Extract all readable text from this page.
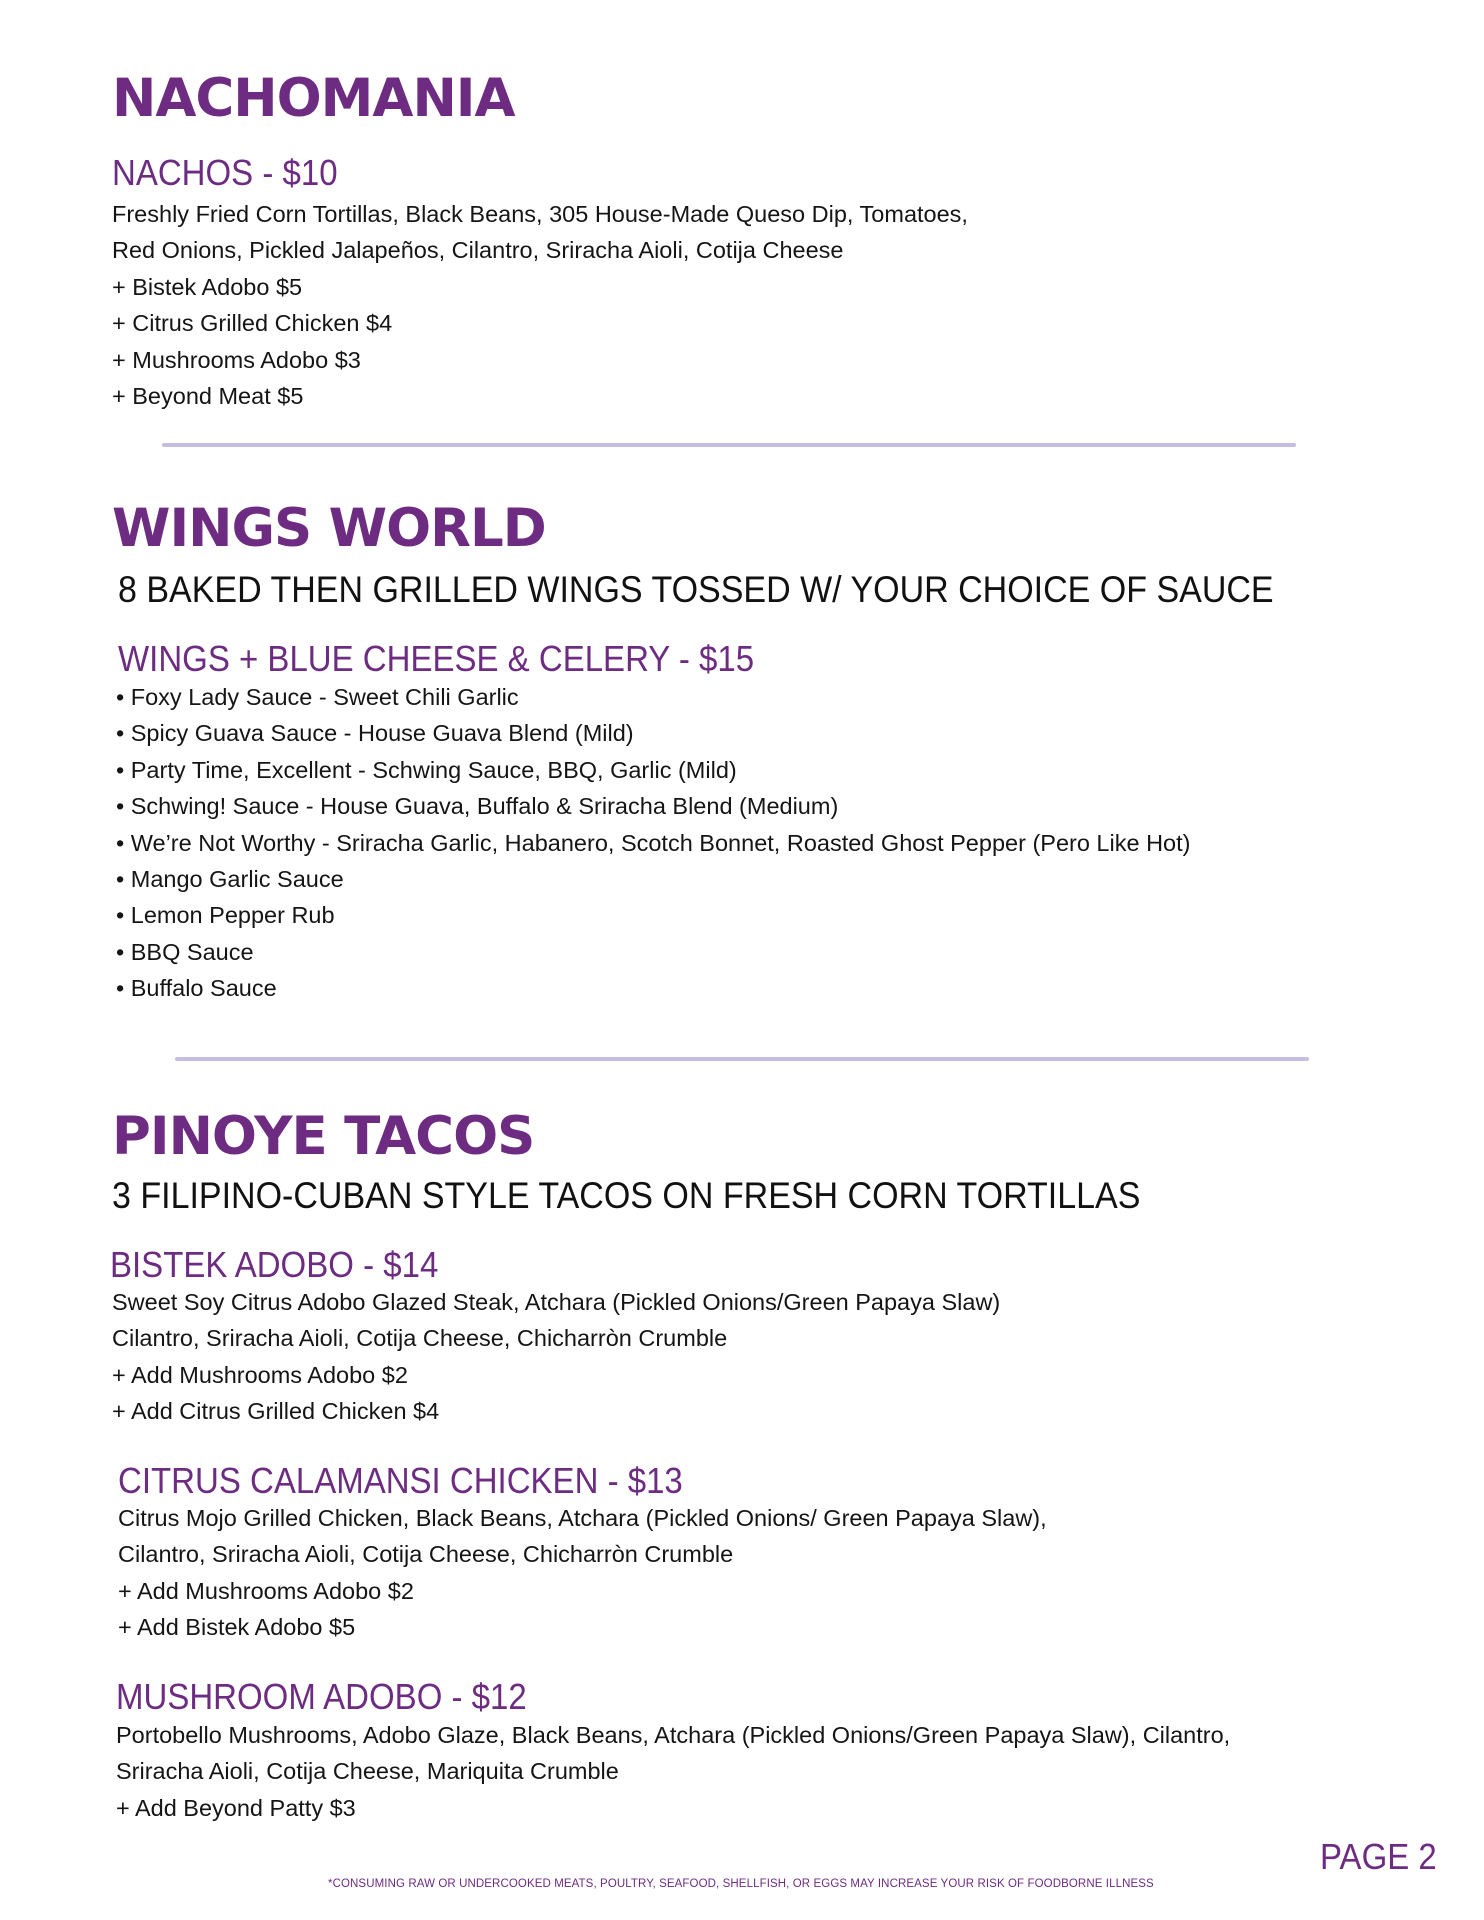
NACHOMANIA
NACHOS - $10
Freshly Fried Corn Tortillas, Black Beans, 305 House-Made Queso Dip, Tomatoes,
Red Onions, Pickled Jalapeños, Cilantro, Sriracha Aioli, Cotija Cheese
+ Bistek Adobo $5
+ Citrus Grilled Chicken $4
+ Mushrooms Adobo $3
+ Beyond Meat $5
WINGS WORLD
8 BAKED THEN GRILLED WINGS TOSSED W/ YOUR CHOICE OF SAUCE
WINGS + BLUE CHEESE & CELERY - $15
• Foxy Lady Sauce - Sweet Chili Garlic
• Spicy Guava Sauce - House Guava Blend (Mild)
• Party Time, Excellent - Schwing Sauce, BBQ, Garlic (Mild)
• Schwing! Sauce - House Guava, Buffalo & Sriracha Blend (Medium)
• We’re Not Worthy - Sriracha Garlic, Habanero, Scotch Bonnet, Roasted Ghost Pepper (Pero Like Hot)
• Mango Garlic Sauce
• Lemon Pepper Rub
• BBQ Sauce
• Buffalo Sauce
PINOYE TACOS
3 FILIPINO-CUBAN STYLE TACOS ON FRESH CORN TORTILLAS
BISTEK ADOBO - $14
Sweet Soy Citrus Adobo Glazed Steak, Atchara (Pickled Onions/Green Papaya Slaw)
Cilantro, Sriracha Aioli, Cotija Cheese, Chicharròn Crumble
+ Add Mushrooms Adobo $2
+ Add Citrus Grilled Chicken $4
CITRUS CALAMANSI CHICKEN - $13
Citrus Mojo Grilled Chicken, Black Beans, Atchara (Pickled Onions/ Green Papaya Slaw),
Cilantro, Sriracha Aioli, Cotija Cheese, Chicharròn Crumble
+ Add Mushrooms Adobo $2
+ Add Bistek Adobo $5
MUSHROOM ADOBO - $12
Portobello Mushrooms, Adobo Glaze, Black Beans, Atchara (Pickled Onions/Green Papaya Slaw), Cilantro,
Sriracha Aioli, Cotija Cheese, Mariquita Crumble
+ Add Beyond Patty $3
PAGE 2
*CONSUMING RAW OR UNDERCOOKED MEATS, POULTRY, SEAFOOD, SHELLFISH, OR EGGS MAY INCREASE YOUR RISK OF FOODBORNE ILLNESS
